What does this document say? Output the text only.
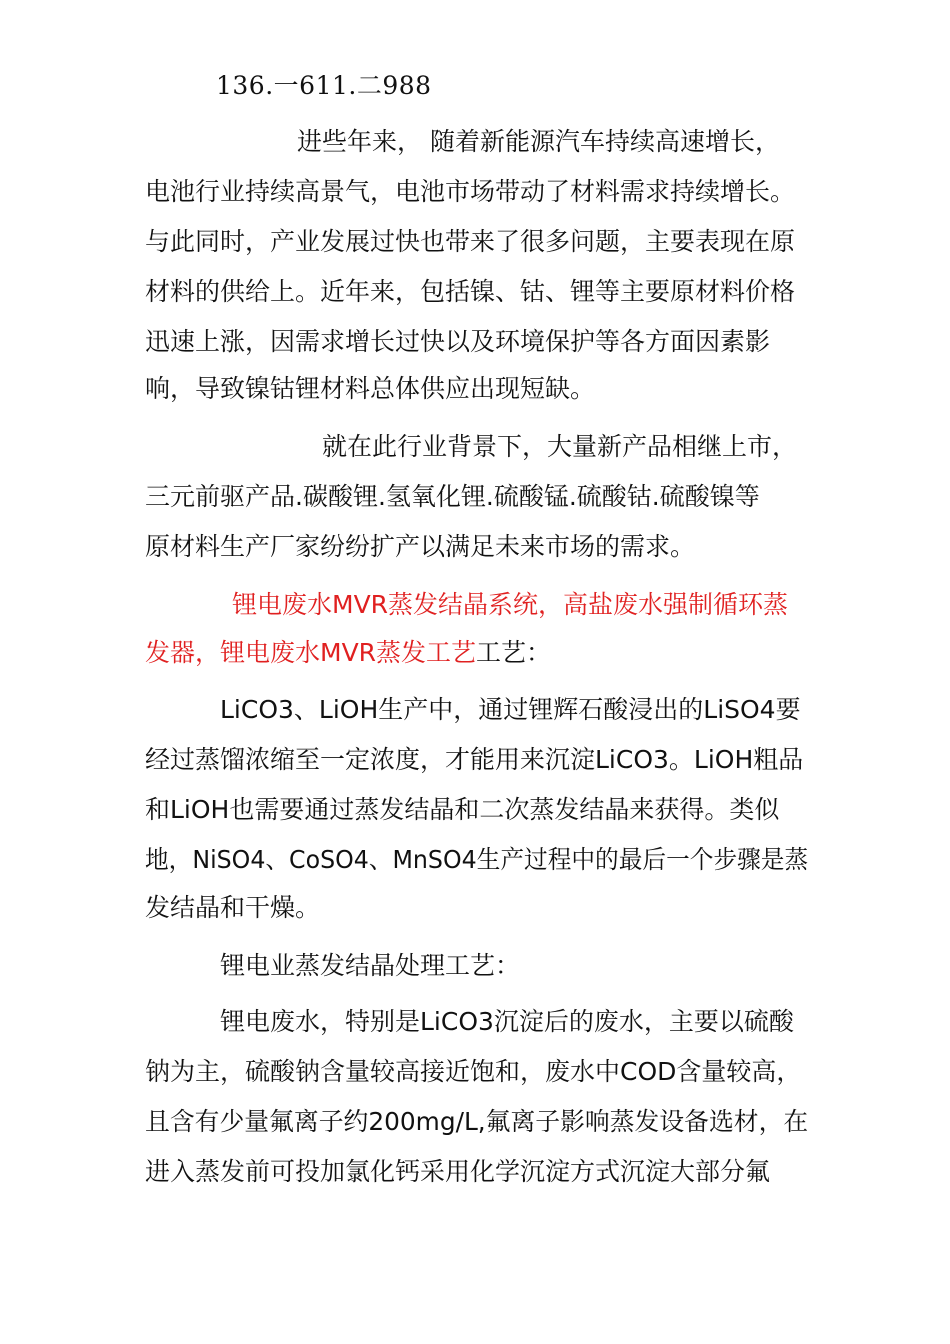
136.一611.二988
进些年来， 随着新能源汽车持续高速增长，
电池行业持续高景气，电池市场带动了材料需求持续增长。
与此同时，产业发展过快也带来了很多问题，主要表现在原
材料的供给上。近年来，包括镍、钴、锂等主要原材料价格
迅速上涨，因需求增长过快以及环境保护等各方面因素影
响，导致镍钴锂材料总体供应出现短缺。
就在此行业背景下，大量新产品相继上市，
三元前驱产品.碳酸锂.氢氧化锂.硫酸锰.硫酸钴.硫酸镍等
原材料生产厂家纷纷扩产以满足未来市场的需求。
锂电废水MVR蒸发结晶系统，高盐废水强制循环蒸
发器，锂电废水MVR蒸发工艺工艺：
LiCO3、LiOH生产中，通过锂辉石酸浸出的LiSO4要
经过蒸馏浓缩至一定浓度，才能用来沉淀LiCO3。LiOH粗品
和LiOH也需要通过蒸发结晶和二次蒸发结晶来获得。类似
地，NiSO4、CoSO4、MnSO4生产过程中的最后一个步骤是蒸
发结晶和干燥。
锂电业蒸发结晶处理工艺：
锂电废水，特别是LiCO3沉淀后的废水，主要以硫酸
钠为主，硫酸钠含量较高接近饱和，废水中COD含量较高，
且含有少量氟离子约200mg/L,氟离子影响蒸发设备选材，在
进入蒸发前可投加氯化钙采用化学沉淀方式沉淀大部分氟
